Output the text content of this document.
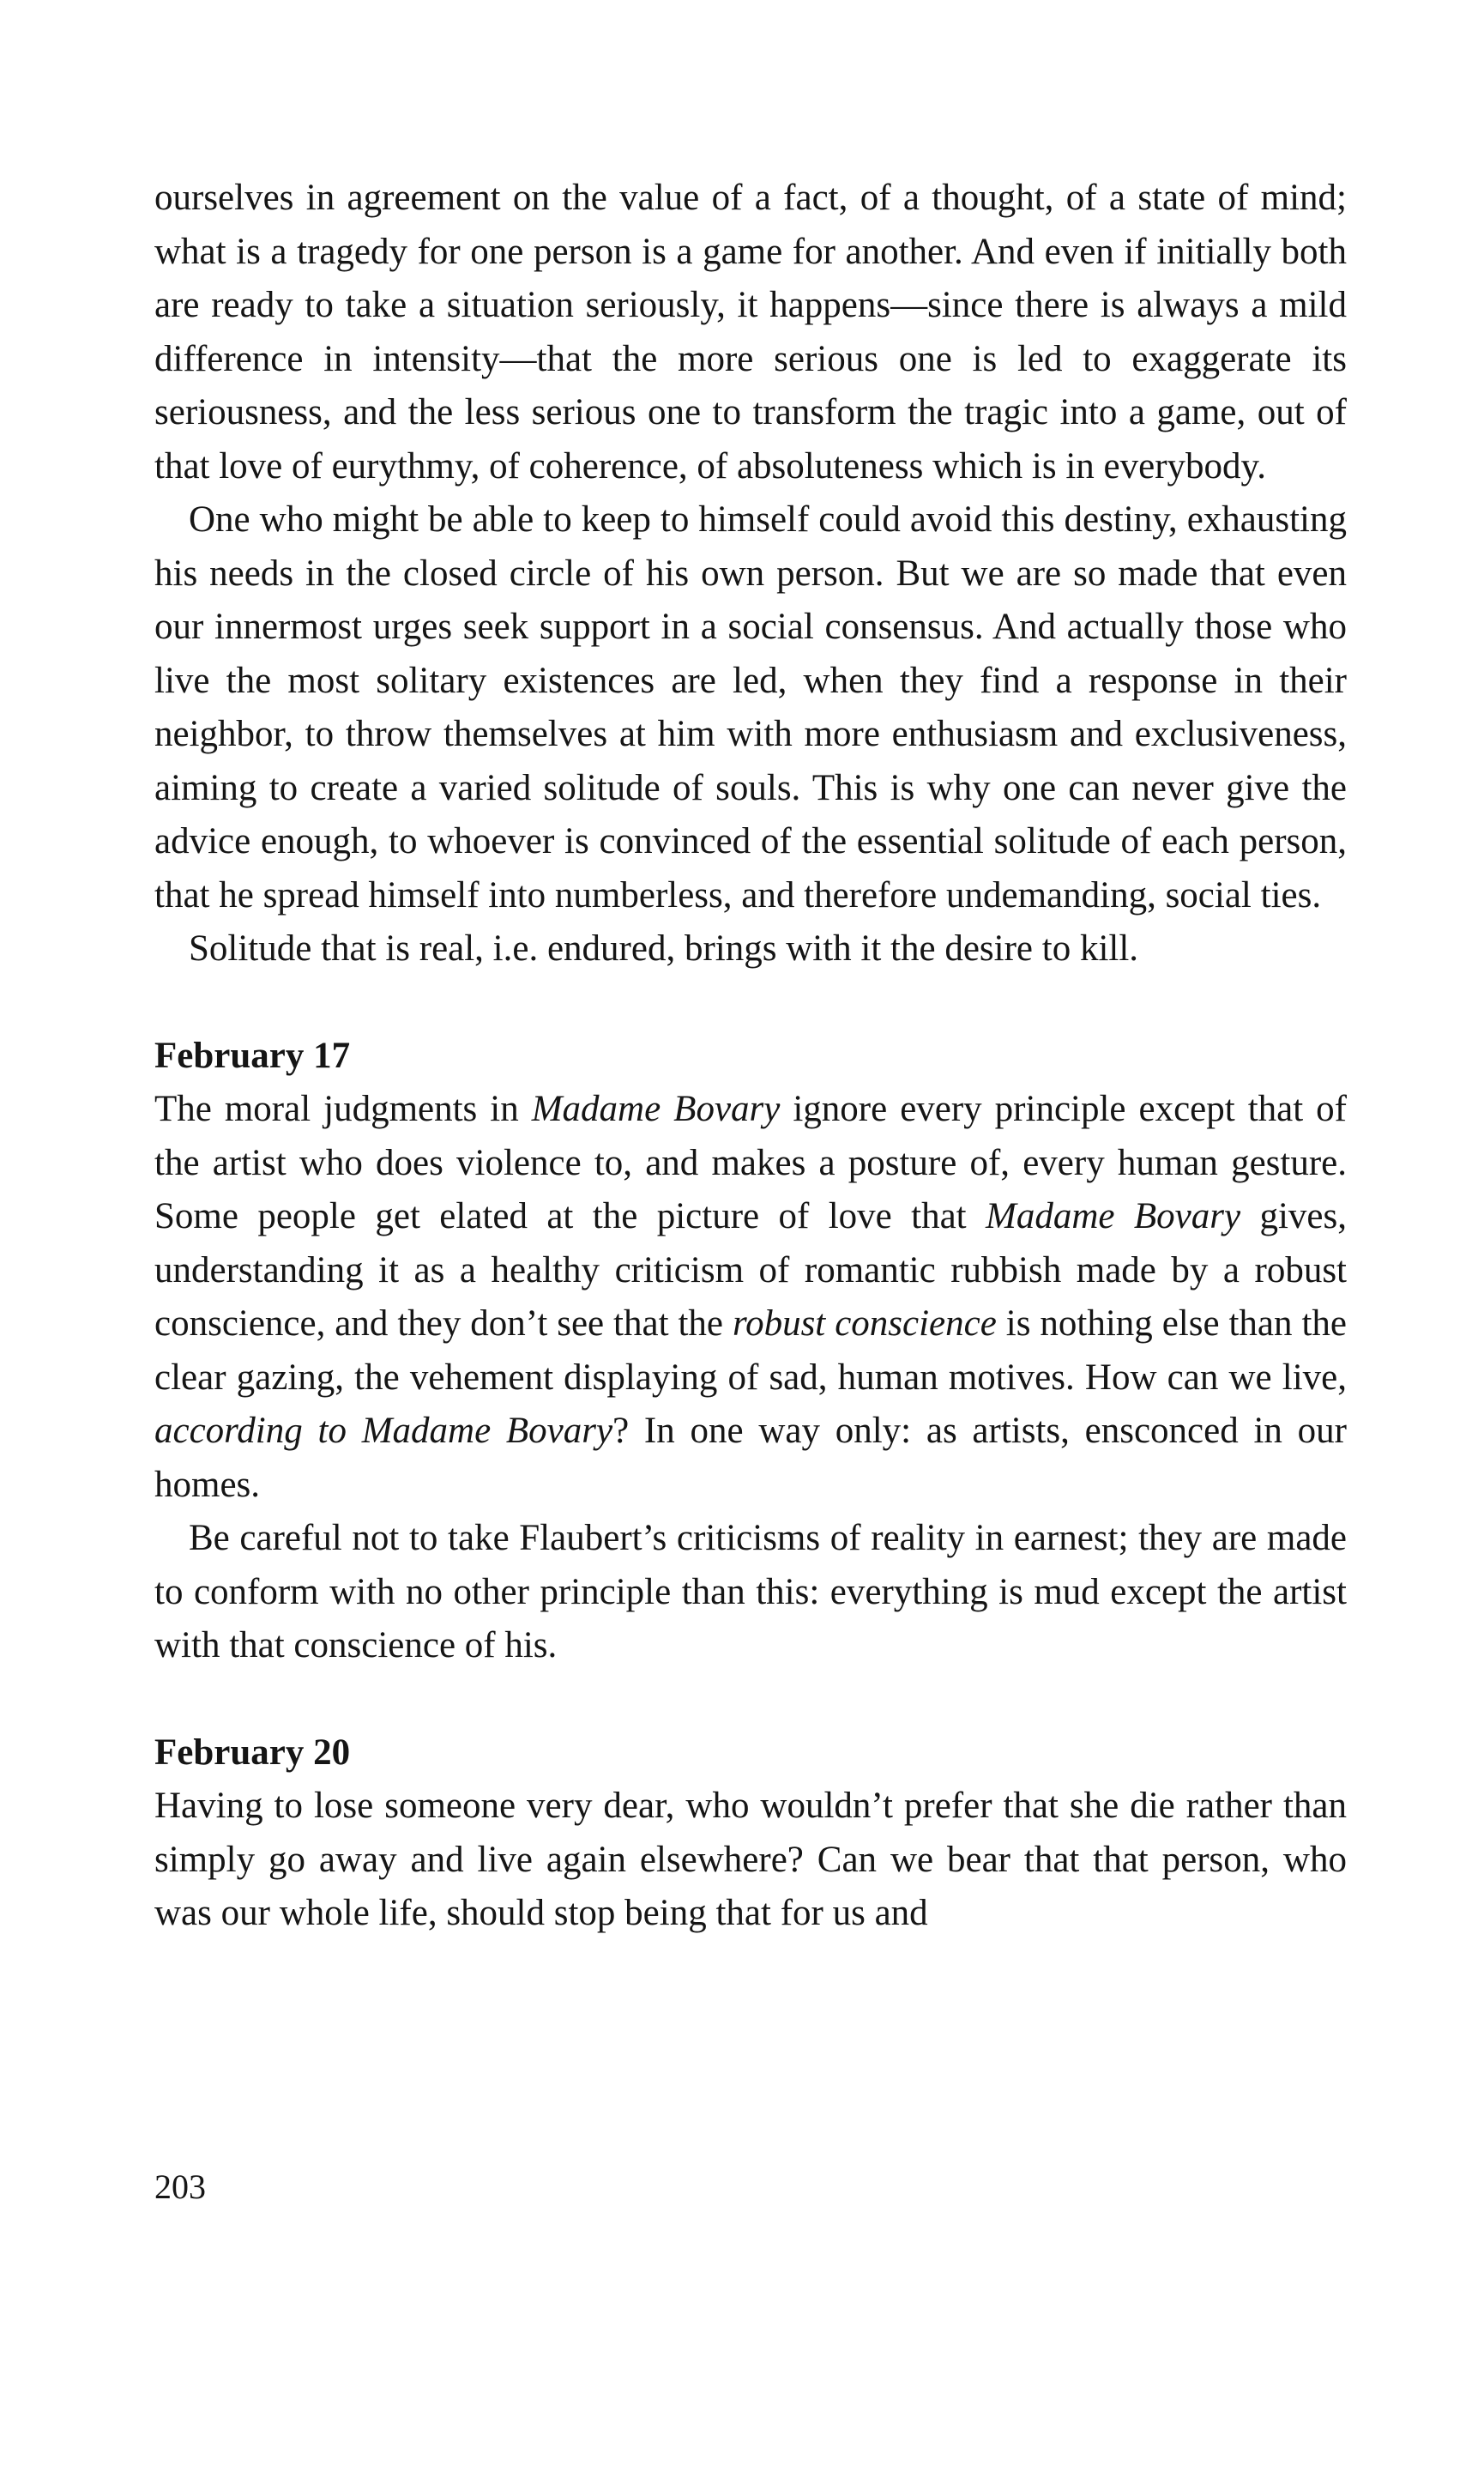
ourselves in agreement on the value of a fact, of a thought, of a state of mind; what is a tragedy for one person is a game for another. And even if initially both are ready to take a situation seriously, it happens—since there is always a mild difference in intensity—that the more serious one is led to exaggerate its seriousness, and the less serious one to transform the tragic into a game, out of that love of eurythmy, of coherence, of absoluteness which is in everybody.

One who might be able to keep to himself could avoid this destiny, exhausting his needs in the closed circle of his own person. But we are so made that even our innermost urges seek support in a social consensus. And actually those who live the most solitary existences are led, when they find a response in their neighbor, to throw themselves at him with more enthusiasm and exclusiveness, aiming to create a varied solitude of souls. This is why one can never give the advice enough, to whoever is convinced of the essential solitude of each person, that he spread himself into numberless, and therefore undemanding, social ties.

Solitude that is real, i.e. endured, brings with it the desire to kill.

February 17

The moral judgments in Madame Bovary ignore every principle except that of the artist who does violence to, and makes a posture of, every human gesture. Some people get elated at the picture of love that Madame Bovary gives, understanding it as a healthy criticism of romantic rubbish made by a robust conscience, and they don’t see that the robust conscience is nothing else than the clear gazing, the vehement displaying of sad, human motives. How can we live, according to Madame Bovary? In one way only: as artists, ensconced in our homes.

Be careful not to take Flaubert’s criticisms of reality in earnest; they are made to conform with no other principle than this: everything is mud except the artist with that conscience of his.

February 20

Having to lose someone very dear, who wouldn’t prefer that she die rather than simply go away and live again elsewhere? Can we bear that that person, who was our whole life, should stop being that for us and

203
